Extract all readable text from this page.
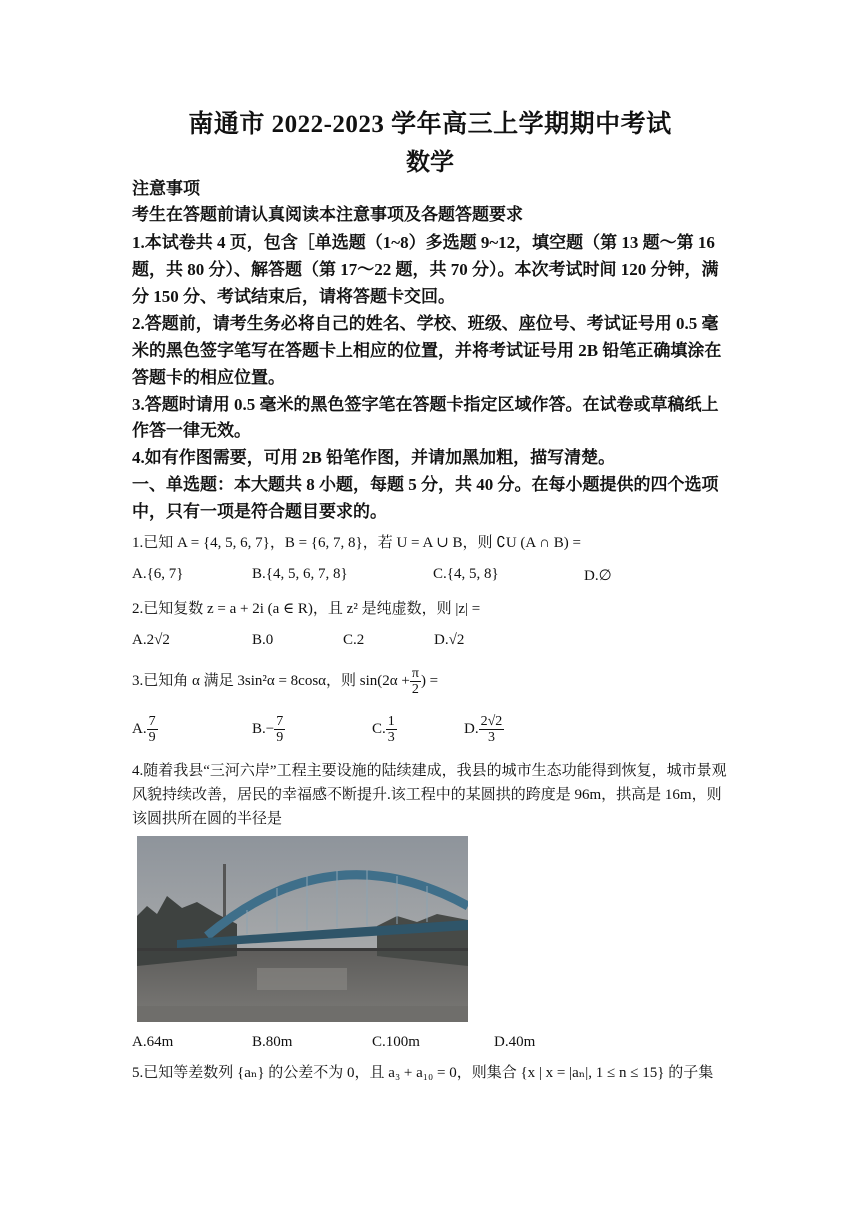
南通市 2022-2023 学年高三上学期期中考试
数学
注意事项
考生在答题前请认真阅读本注意事项及各题答题要求
1.本试卷共 4 页，包含［单选题（1~8）多选题 9~12，填空题（第 13 题～第 16
题，共 80 分）、解答题（第 17～22 题，共 70 分）。本次考试时间 120 分钟，满
分 150 分、考试结束后，请将答题卡交回。
2.答题前，请考生务必将自己的姓名、学校、班级、座位号、考试证号用 0.5 毫
米的黑色签字笔写在答题卡上相应的位置，并将考试证号用 2B 铅笔正确填涂在
答题卡的相应位置。
3.答题时请用 0.5 毫米的黑色签字笔在答题卡指定区域作答。在试卷或草稿纸上
作答一律无效。
4.如有作图需要，可用 2B 铅笔作图，并请加黑加粗，描写清楚。
一、单选题：本大题共 8 小题，每题 5 分，共 40 分。在每小题提供的四个选项
中，只有一项是符合题目要求的。
1.已知 A = {4, 5, 6, 7}，B = {6, 7, 8}，若 U = A ∪ B，则 ∁U (A ∩ B) =
A.{6, 7}	B.{4, 5, 6, 7, 8}	C.{4, 5, 8}	D.∅
2.已知复数 z = a + 2i (a ∈ R)，且 z² 是纯虚数，则 |z| =
A.2√2	B.0	C.2	D.√2
3.已知角 α 满足 3sin²α = 8cosα，则 $\sin(2\alpha + \frac{\pi}{2}$ ) =
A. $\frac{7}{9}$	$B.- \frac{7}{9}$	C. $\frac{1}{3}$	D. $\frac{2√2}{3}$
4.随着我县“三河六岸”工程主要设施的陆续建成，我县的城市生态功能得到恢复，城市景观
风貌持续改善，居民的幸福感不断提升.该工程中的某圆拱的跨度是 96m，拱高是 16m，则
该圆拱所在圆的半径是
A.64m	B.80m	C.100m	D.40m
5.已知等差数列 {aₙ} 的公差不为 0，且 a₃ + a₁₀ = 0，则集合 {x | x = |aₙ|, 1 ≤ n ≤ 15} 的子集
